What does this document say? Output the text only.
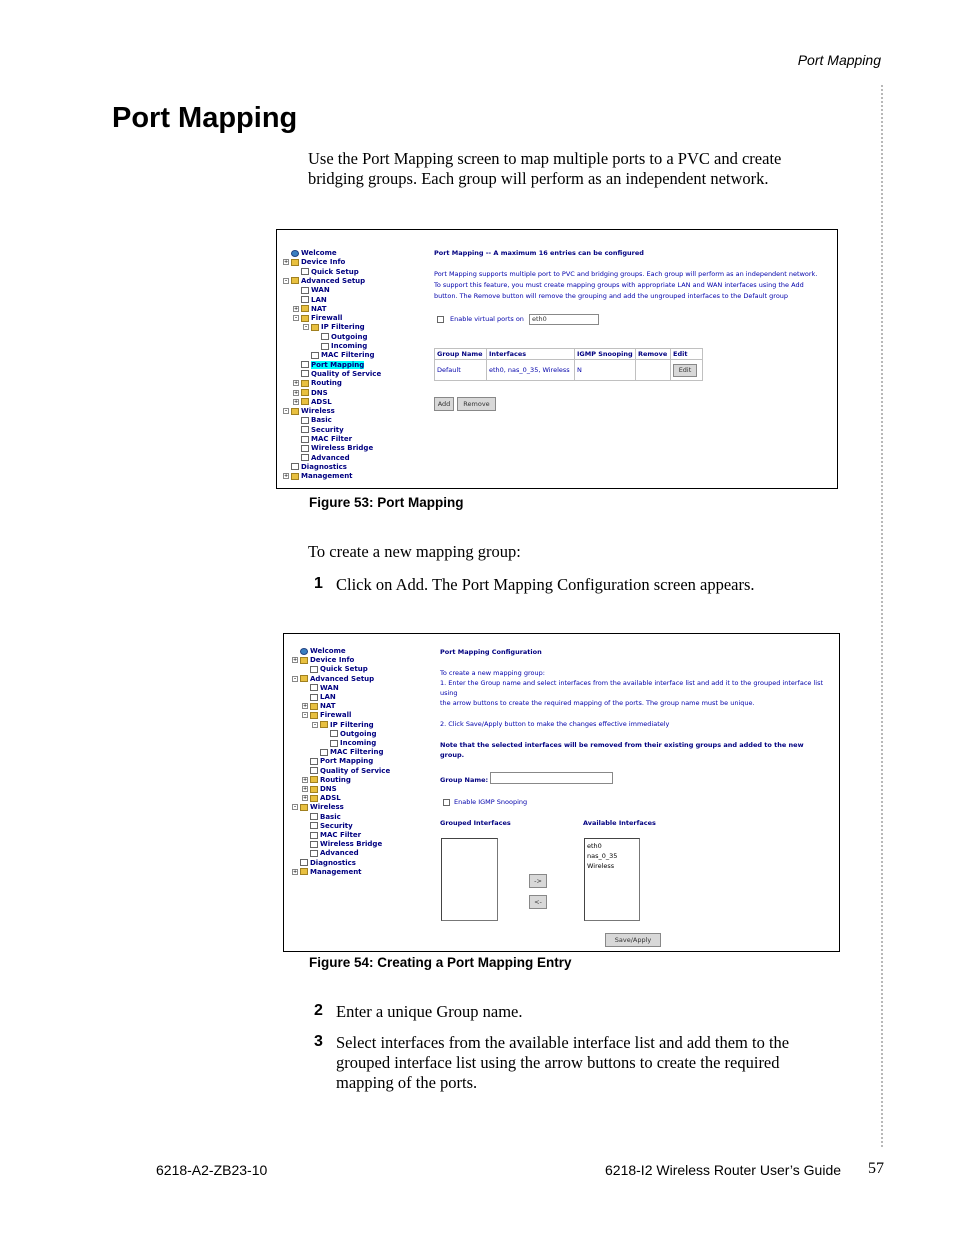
Port Mapping
Port Mapping

Use the Port Mapping screen to map multiple ports to a PVC and create bridging groups. Each group will perform as an independent network.

Welcome
+ Device Info
Quick Setup
- Advanced Setup
WAN
LAN
+ NAT
- Firewall
- IP Filtering
Outgoing
Incoming
MAC Filtering
Port Mapping
Quality of Service
+ Routing
+ DNS
+ ADSL
- Wireless
Basic
Security
MAC Filter
Wireless Bridge
Advanced
Diagnostics
+ Management
Port Mapping -- A maximum 16 entries can be configured
Port Mapping supports multiple port to PVC and bridging groups. Each group will perform as an independent network.
To support this feature, you must create mapping groups with appropriate LAN and WAN interfaces using the Add
button. The Remove button will remove the grouping and add the ungrouped interfaces to the Default group
Enable virtual ports on	eth0
Group Name	Interfaces	IGMP Snooping	Remove	Edit
Default	eth0, nas_0_35, Wireless	N		Edit
Add	Remove
Figure 53: Port Mapping

To create a new mapping group:

1 Click on Add. The Port Mapping Configuration screen appears.

Welcome
+ Device Info
Quick Setup
- Advanced Setup
WAN
LAN
+ NAT
- Firewall
- IP Filtering
Outgoing
Incoming
MAC Filtering
Port Mapping
Quality of Service
+ Routing
+ DNS
+ ADSL
- Wireless
Basic
Security
MAC Filter
Wireless Bridge
Advanced
Diagnostics
+ Management
Port Mapping Configuration
To create a new mapping group:
1. Enter the Group name and select interfaces from the available interface list and add it to the grouped interface list
using
the arrow buttons to create the required mapping of the ports. The group name must be unique.
2. Click Save/Apply button to make the changes effective immediately
Note that the selected interfaces will be removed from their existing groups and added to the new
group.
Group Name:
Enable IGMP Snooping
Grouped Interfaces	Available Interfaces
->
<-
eth0
nas_0_35
Wireless
Save/Apply
Figure 54: Creating a Port Mapping Entry
2 Enter a unique Group name.

3 Select interfaces from the available interface list and add them to the grouped interface list using the arrow buttons to create the required mapping of the ports.

6218-A2-ZB23-10	6218-I2 Wireless Router User’s Guide 57
